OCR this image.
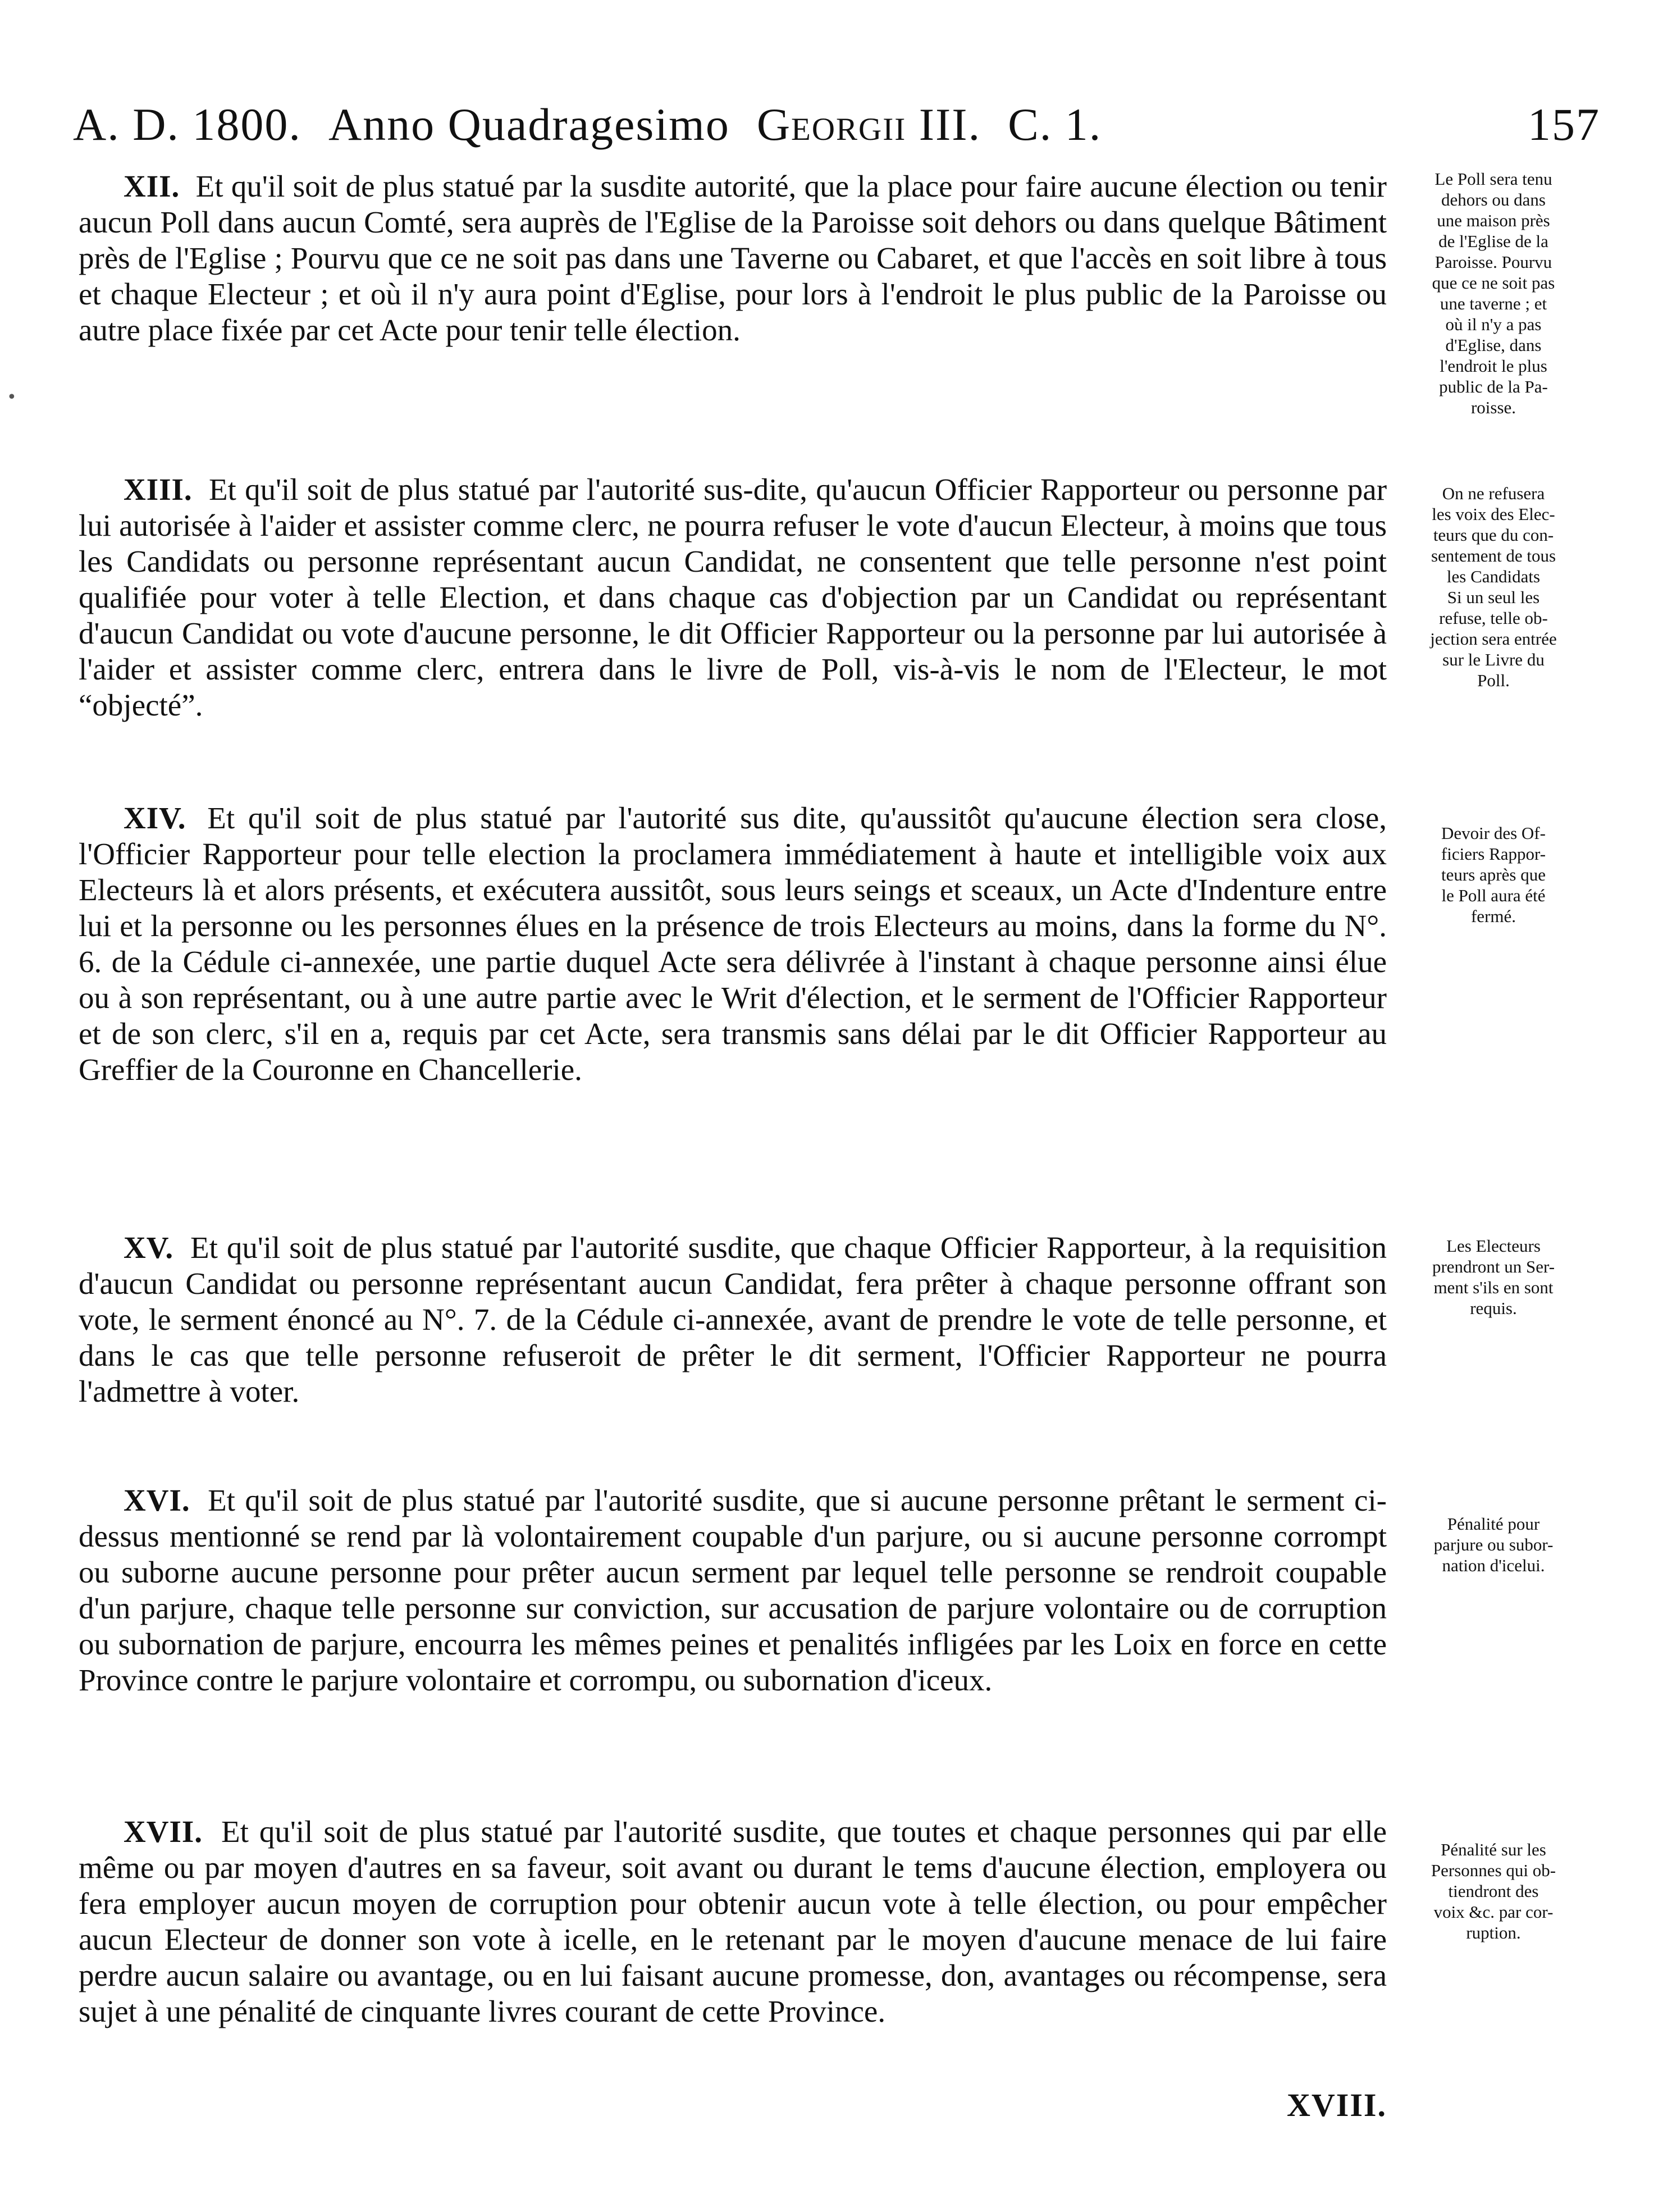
A. D. 1800. Anno Quadragesimo Georgii III. C. 1.	157

XII. Et qu'il soit de plus statué par la susdite autorité, que la place pour faire aucune élection ou tenir aucun Poll dans aucun Comté, sera auprès de l'Eglise de la Paroisse soit dehors ou dans quelque Bâtiment près de l'Eglise ; Pourvu que ce ne soit pas dans une Taverne ou Cabaret, et que l'accès en soit libre à tous et chaque Electeur ; et où il n'y aura point d'Eglise, pour lors à l'endroit le plus public de la Paroisse ou autre place fixée par cet Acte pour tenir telle élection.

XIII. Et qu'il soit de plus statué par l'autorité sus-dite, qu'aucun Officier Rapporteur ou personne par lui autorisée à l'aider et assister comme clerc, ne pourra refuser le vote d'aucun Electeur, à moins que tous les Candidats ou personne représentant aucun Candidat, ne consentent que telle personne n'est point qualifiée pour voter à telle Election, et dans chaque cas d'objection par un Candidat ou représentant d'aucun Candidat ou vote d'aucune personne, le dit Officier Rapporteur ou la personne par lui autorisée à l'aider et assister comme clerc, entrera dans le livre de Poll, vis-à-vis le nom de l'Electeur, le mot “objecté”.

XIV. Et qu'il soit de plus statué par l'autorité sus dite, qu'aussitôt qu'aucune élection sera close, l'Officier Rapporteur pour telle election la proclamera immédiatement à haute et intelligible voix aux Electeurs là et alors présents, et exécutera aussitôt, sous leurs seings et sceaux, un Acte d'Indenture entre lui et la personne ou les personnes élues en la présence de trois Electeurs au moins, dans la forme du N°. 6. de la Cédule ci-annexée, une partie duquel Acte sera délivrée à l'instant à chaque personne ainsi élue ou à son représentant, ou à une autre partie avec le Writ d'élection, et le serment de l'Officier Rapporteur et de son clerc, s'il en a, requis par cet Acte, sera transmis sans délai par le dit Officier Rapporteur au Greffier de la Couronne en Chancellerie.

XV. Et qu'il soit de plus statué par l'autorité susdite, que chaque Officier Rapporteur, à la requisition d'aucun Candidat ou personne représentant aucun Candidat, fera prêter à chaque personne offrant son vote, le serment énoncé au N°. 7. de la Cédule ci-annexée, avant de prendre le vote de telle personne, et dans le cas que telle personne refuseroit de prêter le dit serment, l'Officier Rapporteur ne pourra l'admettre à voter.

XVI. Et qu'il soit de plus statué par l'autorité susdite, que si aucune personne prêtant le serment ci-dessus mentionné se rend par là volontairement coupable d'un parjure, ou si aucune personne corrompt ou suborne aucune personne pour prêter aucun serment par lequel telle personne se rendroit coupable d'un parjure, chaque telle personne sur conviction, sur accusation de parjure volontaire ou de corruption ou subornation de parjure, encourra les mêmes peines et penalités infligées par les Loix en force en cette Province contre le parjure volontaire et corrompu, ou subornation d'iceux.

XVII. Et qu'il soit de plus statué par l'autorité susdite, que toutes et chaque personnes qui par elle même ou par moyen d'autres en sa faveur, soit avant ou durant le tems d'aucune élection, employera ou fera employer aucun moyen de corruption pour obtenir aucun vote à telle élection, ou pour empêcher aucun Electeur de donner son vote à icelle, en le retenant par le moyen d'aucune menace de lui faire perdre aucun salaire ou avantage, ou en lui faisant aucune promesse, don, avantages ou récompense, sera sujet à une pénalité de cinquante livres courant de cette Province.

XVIII.
Le Poll sera tenu
dehors ou dans
une maison près
de l'Eglise de la
Paroisse. Pourvu
que ce ne soit pas
une taverne ; et
où il n'y a pas
d'Eglise, dans
l'endroit le plus
public de la Pa-
roisse.
On ne refusera
les voix des Elec-
teurs que du con-
sentement de tous
les Candidats
Si un seul les
refuse, telle ob-
jection sera entrée
sur le Livre du
Poll.
Devoir des Of-
ficiers Rappor-
teurs après que
le Poll aura été
fermé.
Les Electeurs
prendront un Ser-
ment s'ils en sont
requis.
Pénalité pour
parjure ou subor-
nation d'icelui.
Pénalité sur les
Personnes qui ob-
tiendront des
voix &c. par cor-
ruption.
•
